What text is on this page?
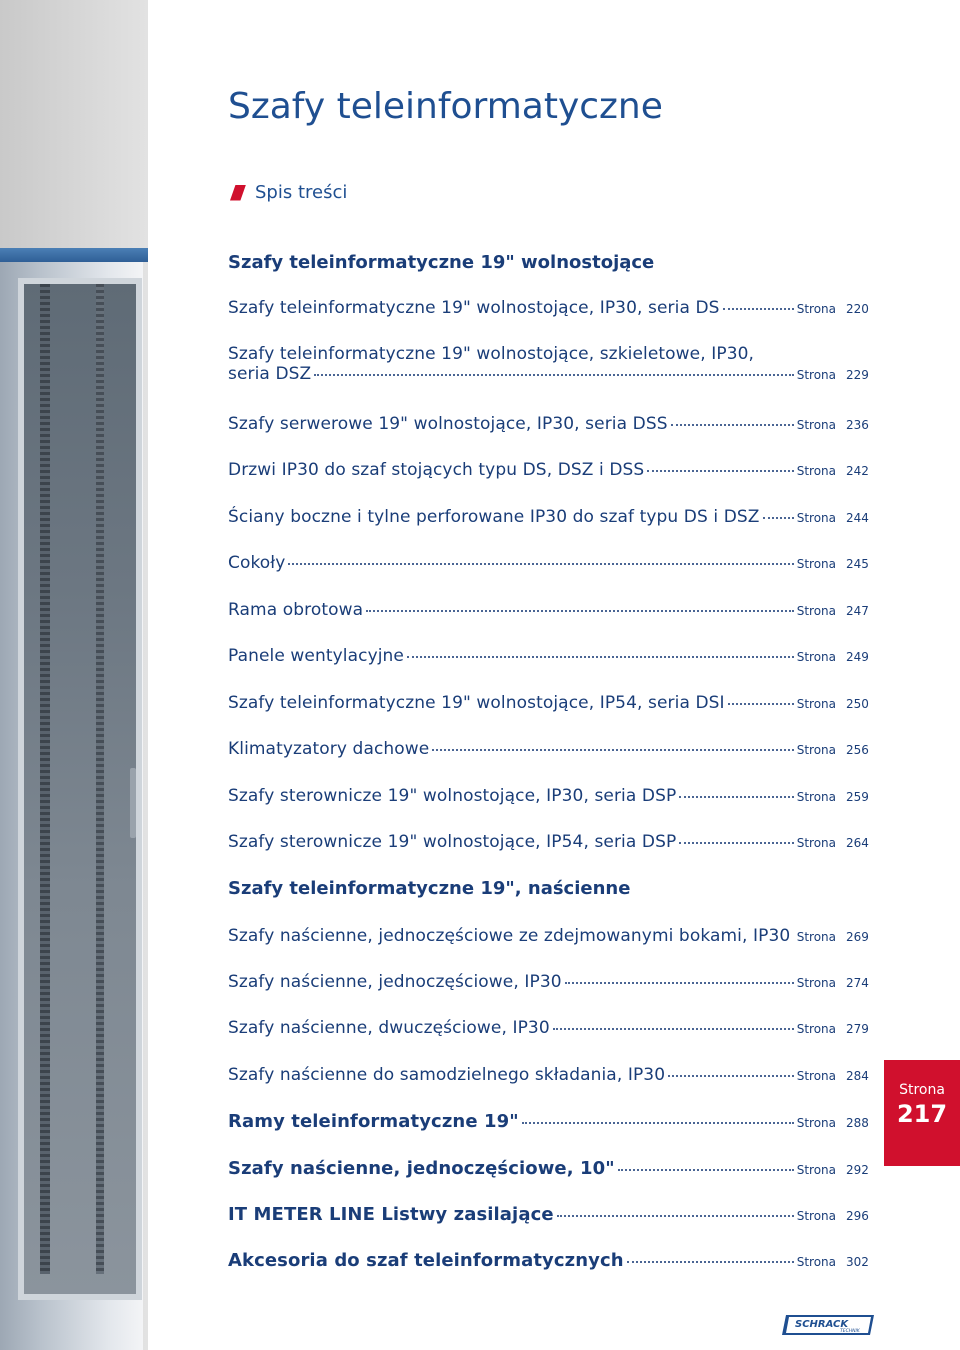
Szafy teleinformatyczne
Spis treści
Szafy teleinformatyczne 19" wolnostojące
Szafy teleinformatyczne 19" wolnostojące, IP30, seria DS	Strona 220
Szafy teleinformatyczne 19" wolnostojące, szkieletowe, IP30,
seria DSZ	Strona 229
Szafy serwerowe 19" wolnostojące, IP30, seria DSS	Strona 236
Drzwi IP30 do szaf stojących typu DS, DSZ i DSS	Strona 242
Ściany boczne i tylne perforowane IP30 do szaf typu DS i DSZ	Strona 244
Cokoły	Strona 245
Rama obrotowa	Strona 247
Panele wentylacyjne	Strona 249
Szafy teleinformatyczne 19" wolnostojące, IP54, seria DSI	Strona 250
Klimatyzatory dachowe	Strona 256
Szafy sterownicze 19" wolnostojące, IP30, seria DSP	Strona 259
Szafy sterownicze 19" wolnostojące, IP54, seria DSP	Strona 264
Szafy teleinformatyczne 19", naścienne
Szafy naścienne, jednoczęściowe ze zdejmowanymi bokami, IP30 Strona 269
Szafy naścienne, jednoczęściowe, IP30	Strona 274
Szafy naścienne, dwuczęściowe, IP30	Strona 279
Szafy naścienne do samodzielnego składania, IP30	Strona 284
Ramy teleinformatyczne 19"	Strona 288
Szafy naścienne, jednoczęściowe, 10"	Strona 292
IT METER LINE Listwy zasilające	Strona 296
Akcesoria do szaf teleinformatycznych	Strona 302
Strona
217
SCHRACK
TECHNIK
